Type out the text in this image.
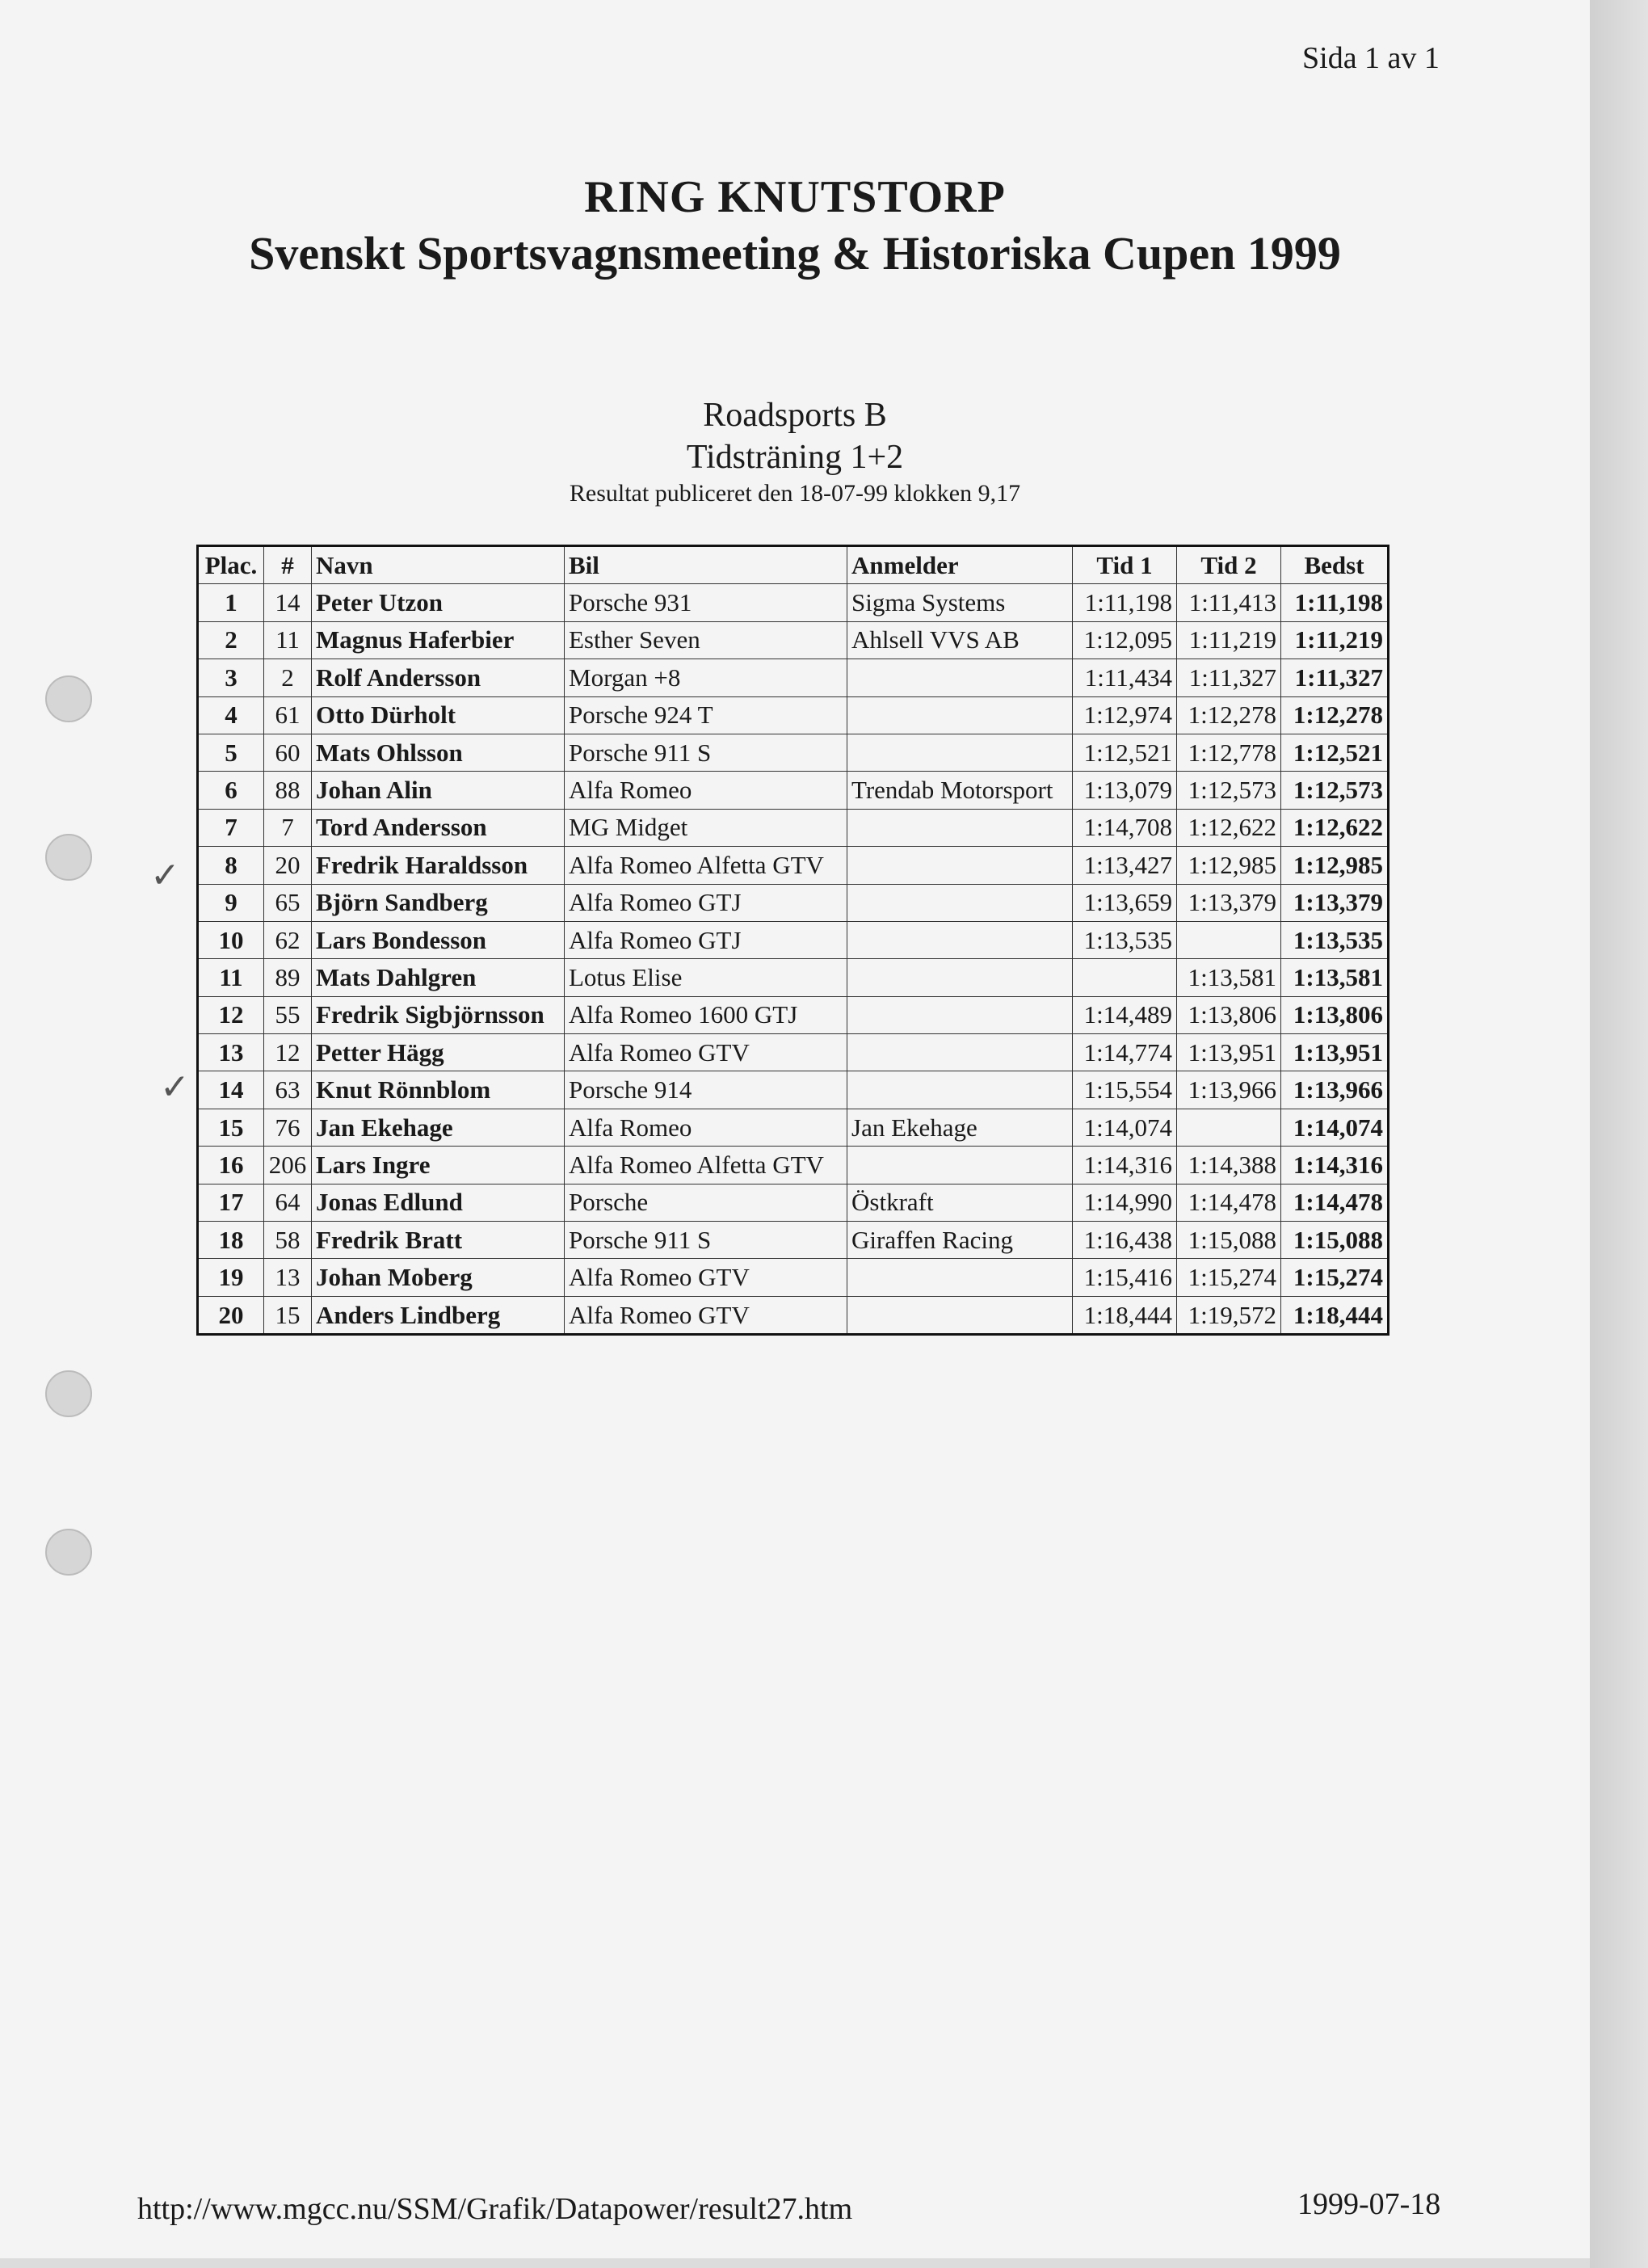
Sida 1 av 1
RING KNUTSTORP
Svenskt Sportsvagnsmeeting & Historiska Cupen 1999
Roadsports B
Tidsträning 1+2
Resultat publiceret den 18-07-99 klokken 9,17
Plac.	#	Navn	Bil	Anmelder	Tid 1	Tid 2	Bedst
1	14	Peter Utzon	Porsche 931	Sigma Systems	1:11,198	1:11,413	1:11,198
2	11	Magnus Haferbier	Esther Seven	Ahlsell VVS AB	1:12,095	1:11,219	1:11,219
3	2	Rolf Andersson	Morgan +8		1:11,434	1:11,327	1:11,327
4	61	Otto Dürholt	Porsche 924 T		1:12,974	1:12,278	1:12,278
5	60	Mats Ohlsson	Porsche 911 S		1:12,521	1:12,778	1:12,521
6	88	Johan Alin	Alfa Romeo	Trendab Motorsport	1:13,079	1:12,573	1:12,573
7	7	Tord Andersson	MG Midget		1:14,708	1:12,622	1:12,622
8	20	Fredrik Haraldsson	Alfa Romeo Alfetta GTV		1:13,427	1:12,985	1:12,985
9	65	Björn Sandberg	Alfa Romeo GTJ		1:13,659	1:13,379	1:13,379
10	62	Lars Bondesson	Alfa Romeo GTJ		1:13,535		1:13,535
11	89	Mats Dahlgren	Lotus Elise			1:13,581	1:13,581
12	55	Fredrik Sigbjörnsson	Alfa Romeo 1600 GTJ		1:14,489	1:13,806	1:13,806
13	12	Petter Hägg	Alfa Romeo GTV		1:14,774	1:13,951	1:13,951
14	63	Knut Rönnblom	Porsche 914		1:15,554	1:13,966	1:13,966
15	76	Jan Ekehage	Alfa Romeo	Jan Ekehage	1:14,074		1:14,074
16	206	Lars Ingre	Alfa Romeo Alfetta GTV		1:14,316	1:14,388	1:14,316
17	64	Jonas Edlund	Porsche	Östkraft	1:14,990	1:14,478	1:14,478
18	58	Fredrik Bratt	Porsche 911 S	Giraffen Racing	1:16,438	1:15,088	1:15,088
19	13	Johan Moberg	Alfa Romeo GTV		1:15,416	1:15,274	1:15,274
20	15	Anders Lindberg	Alfa Romeo GTV		1:18,444	1:19,572	1:18,444
✓
✓
http://www.mgcc.nu/SSM/Grafik/Datapower/result27.htm	1999-07-18
